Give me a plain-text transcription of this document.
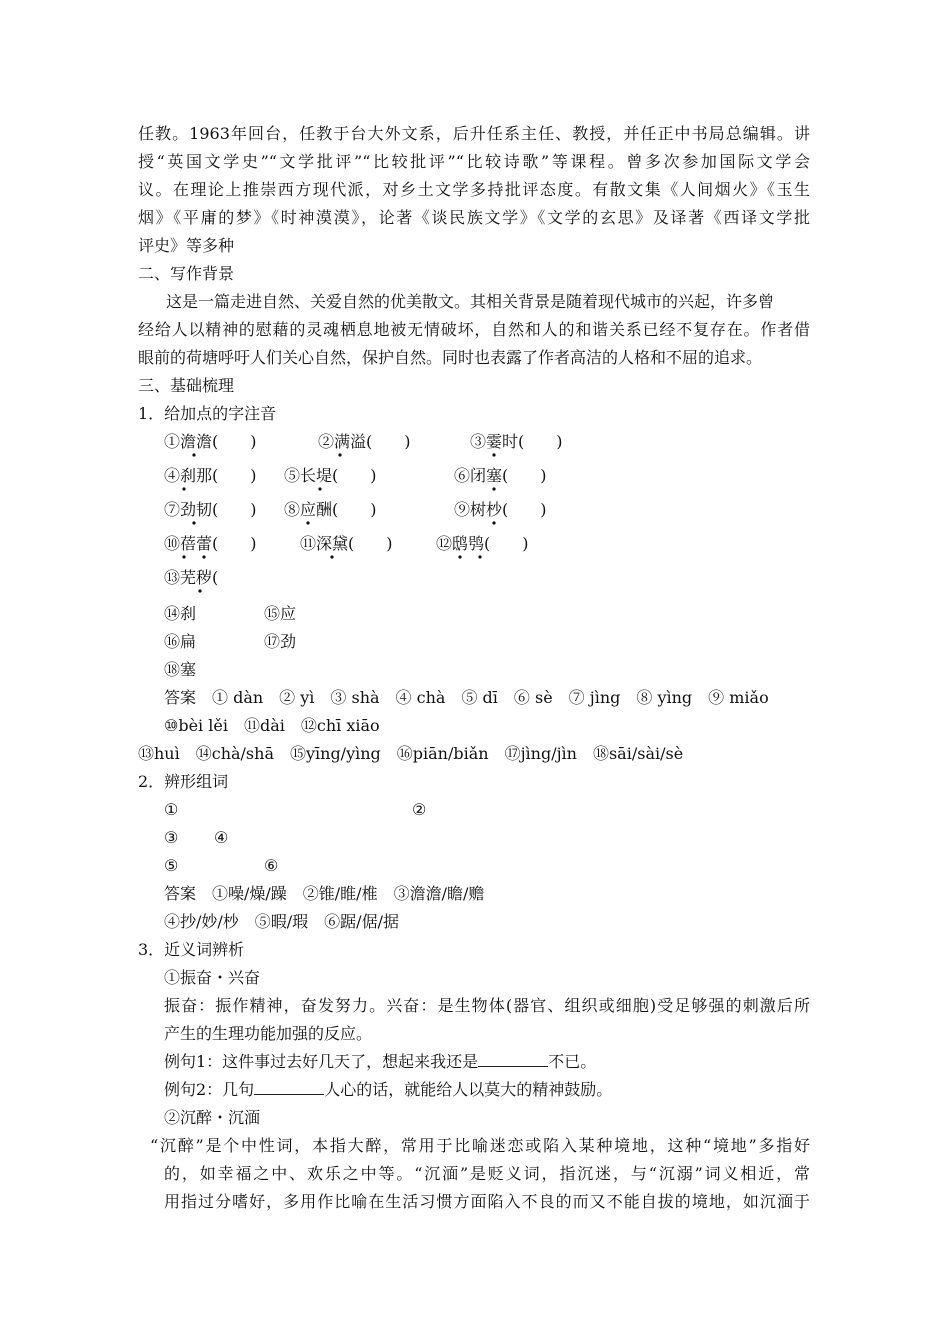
任教。1963年回台，任教于台大外文系，后升任系主任、教授，并任正中书局总编辑。讲
授“英国文学史”“文学批评”“比较批评”“比较诗歌”等课程。曾多次参加国际文学会
议。在理论上推崇西方现代派，对乡土文学多持批评态度。有散文集《人间烟火》《玉生
烟》《平庸的梦》《时神漠漠》，论著《谈民族文学》《文学的玄思》及译著《西译文学批
评史》等多种
二、写作背景
这是一篇走进自然、关爱自然的优美散文。其相关背景是随着现代城市的兴起，许多曾
经给人以精神的慰藉的灵魂栖息地被无情破坏，自然和人的和谐关系已经不复存在。作者借
眼前的荷塘呼吁人们关心自然，保护自然。同时也表露了作者高洁的人格和不屈的追求。
三、基础梳理
1．给加点的字注音
①澹澹(　　)	②满溢(　　)	③霎时(　　)
④刹那(　　) ⑤长堤(　　)	⑥闭塞(　　)
⑦劲韧(　　) ⑧应酬(　　)	⑨树杪(　　)
⑩蓓蕾(　　)	⑪深黛(　　)	⑫鸱鸮(　　)
⑬芜秽(
⑭刹	⑮应
⑯扁	⑰劲
⑱塞
答案　① dàn　② yì　③ shà　④ chà　⑤ dī　⑥ sè　⑦ jìng　⑧ yìng　⑨ miǎo
⑩bèi lěi　⑪dài　⑫chī xiāo
⑬huì　⑭chà/shā　⑮yīng/yìng　⑯piān/biǎn　⑰jìng/jìn　⑱sāi/sài/sè
2．辨形组词
①	②
③ ④
⑤	⑥
答案　①噪/燥/躁　②锥/睢/椎　③澹澹/瞻/赡
④抄/妙/杪　⑤暇/瑕　⑥踞/倨/据
3．近义词辨析
①振奋・兴奋
振奋：振作精神，奋发努力。兴奋：是生物体(器官、组织或细胞)受足够强的刺激后所
产生的生理功能加强的反应。
例句1：这件事过去好几天了，想起来我还是	不已。
例句2：几句	人心的话，就能给人以莫大的精神鼓励。
②沉醉・沉湎
“沉醉”是个中性词，本指大醉，常用于比喻迷恋或陷入某种境地，这种“境地”多指好
的，如幸福之中、欢乐之中等。“沉湎”是贬义词，指沉迷，与“沉溺”词义相近，常
用指过分嗜好，多用作比喻在生活习惯方面陷入不良的而又不能自拔的境地，如沉湎于
